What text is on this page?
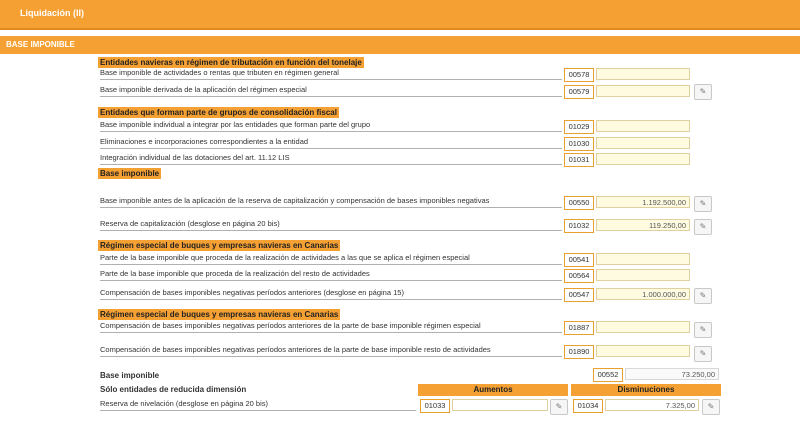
Liquidación (II)
BASE IMPONIBLE
Entidades navieras en régimen de tributación en función del tonelaje
Base imponible de actividades o rentas que tributen en régimen general	00578
Base imponible derivada de la aplicación del régimen especial	00579	✎
Entidades que forman parte de grupos de consolidación fiscal
Base imponible individual a integrar por las entidades que forman parte del grupo	01029
Eliminaciones e incorporaciones correspondientes a la entidad	01030
Integración individual de las dotaciones del art. 11.12 LIS	01031
Base imponible
Base imponible antes de la aplicación de la reserva de capitalización y compensación de bases imponibles negativas	00550	1.192.500,00	✎
Reserva de capitalización (desglose en página 20 bis)	01032	119.250,00	✎
Régimen especial de buques y empresas navieras en Canarias
Parte de la base imponible que proceda de la realización de actividades a las que se aplica el régimen especial	00541
Parte de la base imponible que proceda de la realización del resto de actividades	00564
Compensación de bases imponibles negativas períodos anteriores (desglose en página 15)	00547	1.000.000,00	✎
Régimen especial de buques y empresas navieras en Canarias
Compensación de bases imponibles negativas períodos anteriores de la parte de base imponible régimen especial	01887	✎
Compensación de bases imponibles negativas períodos anteriores de la parte de base imponible resto de actividades	01890	✎
Base imponible	00552	73.250,00
Sólo entidades de reducida dimensión	Aumentos	Disminuciones
Reserva de nivelación (desglose en página 20 bis)	01033	✎	01034	7.325,00	✎
